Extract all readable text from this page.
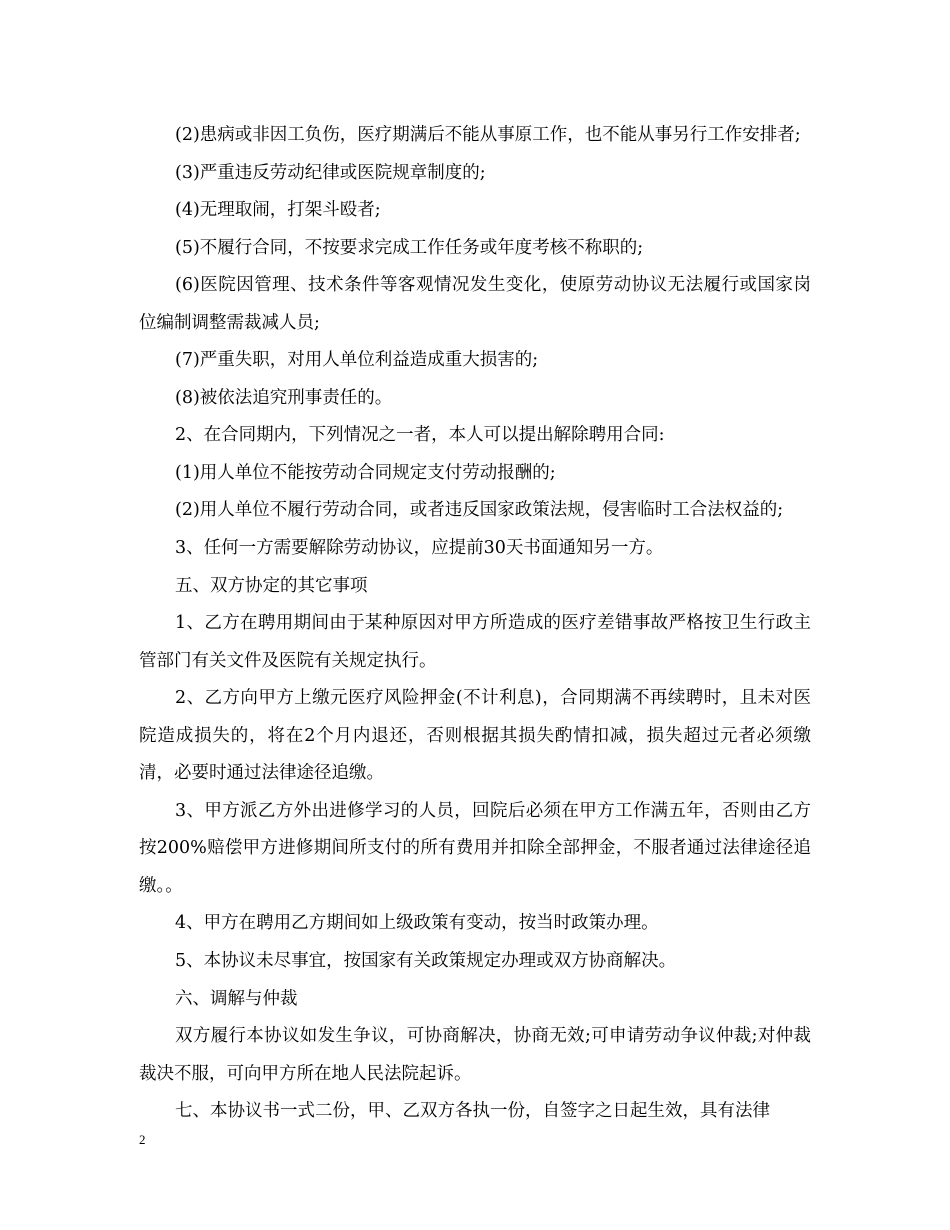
(2)患病或非因工负伤，医疗期满后不能从事原工作，也不能从事另行工作安排者;

(3)严重违反劳动纪律或医院规章制度的;

(4)无理取闹，打架斗殴者;

(5)不履行合同，不按要求完成工作任务或年度考核不称职的;

(6)医院因管理、技术条件等客观情况发生变化，使原劳动协议无法履行或国家岗位编制调整需裁减人员;

(7)严重失职，对用人单位利益造成重大损害的;

(8)被依法追究刑事责任的。

2、在合同期内，下列情况之一者，本人可以提出解除聘用合同:

(1)用人单位不能按劳动合同规定支付劳动报酬的;

(2)用人单位不履行劳动合同，或者违反国家政策法规，侵害临时工合法权益的;

3、任何一方需要解除劳动协议，应提前30天书面通知另一方。

五、双方协定的其它事项

1、乙方在聘用期间由于某种原因对甲方所造成的医疗差错事故严格按卫生行政主管部门有关文件及医院有关规定执行。

2、乙方向甲方上缴元医疗风险押金(不计利息)，合同期满不再续聘时，且未对医院造成损失的，将在2个月内退还，否则根据其损失酌情扣减，损失超过元者必须缴清，必要时通过法律途径追缴。

3、甲方派乙方外出进修学习的人员，回院后必须在甲方工作满五年，否则由乙方按200%赔偿甲方进修期间所支付的所有费用并扣除全部押金，不服者通过法律途径追缴。。

4、甲方在聘用乙方期间如上级政策有变动，按当时政策办理。

5、本协议未尽事宜，按国家有关政策规定办理或双方协商解决。

六、调解与仲裁

双方履行本协议如发生争议，可协商解决，协商无效;可申请劳动争议仲裁;对仲裁裁决不服，可向甲方所在地人民法院起诉。

七、本协议书一式二份，甲、乙双方各执一份，自签字之日起生效，具有法律

2
